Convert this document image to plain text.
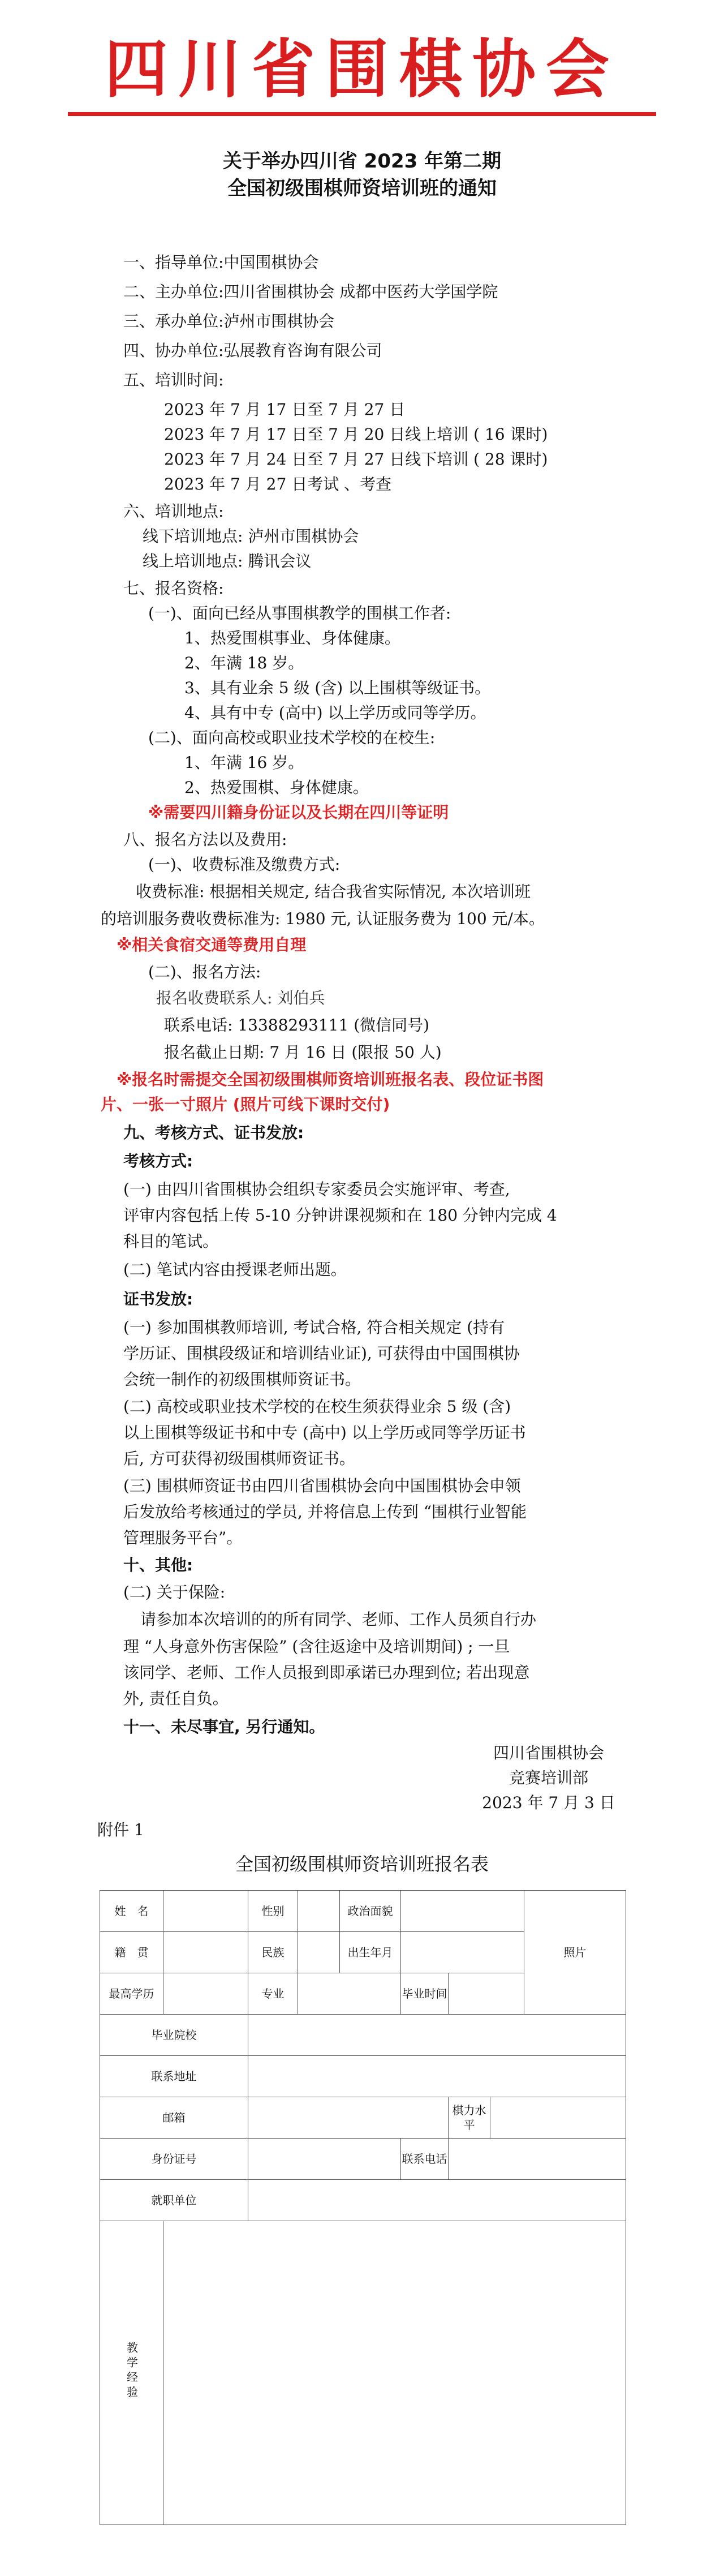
四川省围棋协会
关于举办四川省 2023 年第二期
全国初级围棋师资培训班的通知
一、指导单位:中国围棋协会
二、主办单位:四川省围棋协会 成都中医药大学国学院
三、承办单位:泸州市围棋协会
四、协办单位:弘展教育咨询有限公司
五、培训时间:
2023 年 7 月 17 日至 7 月 27 日
2023 年 7 月 17 日至 7 月 20 日线上培训 ( 16 课时)
2023 年 7 月 24 日至 7 月 27 日线下培训 ( 28 课时)
2023 年 7 月 27 日考试 、考查
六、培训地点:
线下培训地点: 泸州市围棋协会
线上培训地点: 腾讯会议
七、报名资格:
(一)、面向已经从事围棋教学的围棋工作者:
1、热爱围棋事业、身体健康。
2、年满 18 岁。
3、具有业余 5 级 (含) 以上围棋等级证书。
4、具有中专 (高中) 以上学历或同等学历。
(二)、面向高校或职业技术学校的在校生:
1、年满 16 岁。
2、热爱围棋、身体健康。
※需要四川籍身份证以及长期在四川等证明
八、报名方法以及费用:
(一)、收费标准及缴费方式:
收费标准: 根据相关规定, 结合我省实际情况, 本次培训班
的培训服务费收费标准为: 1980 元, 认证服务费为 100 元/本。
※相关食宿交通等费用自理
(二)、报名方法:
报名收费联系人: 刘伯兵
联系电话: 13388293111 (微信同号)
报名截止日期: 7 月 16 日 (限报 50 人)
※报名时需提交全国初级围棋师资培训班报名表、段位证书图
片、一张一寸照片 (照片可线下课时交付)
九、考核方式、证书发放:
考核方式:
(一) 由四川省围棋协会组织专家委员会实施评审、考查,
评审内容包括上传 5-10 分钟讲课视频和在 180 分钟内完成 4
科目的笔试。
(二) 笔试内容由授课老师出题。
证书发放:
(一) 参加围棋教师培训, 考试合格, 符合相关规定 (持有
学历证、围棋段级证和培训结业证), 可获得由中国围棋协
会统一制作的初级围棋师资证书。
(二) 高校或职业技术学校的在校生须获得业余 5 级 (含)
以上围棋等级证书和中专 (高中) 以上学历或同等学历证书
后, 方可获得初级围棋师资证书。
(三) 围棋师资证书由四川省围棋协会向中国围棋协会申领
后发放给考核通过的学员, 并将信息上传到 “围棋行业智能
管理服务平台”。
十、其他:
(二) 关于保险:
请参加本次培训的的所有同学、老师、工作人员须自行办
理 “人身意外伤害保险” (含往返途中及培训期间) ; 一旦
该同学、老师、工作人员报到即承诺已办理到位; 若出现意
外, 责任自负。
十一、未尽事宜, 另行通知。
四川省围棋协会
竞赛培训部
2023 年 7 月 3 日
附件 1
全国初级围棋师资培训班报名表
姓　名		性别		政治面貌				照片
籍　贯		民族		出生年月				
最高学历		专业			毕业时间			
毕业院校								
联系地址								
邮箱						棋力水平		
身份证号					联系电话			
就职单位								
教学经验								
